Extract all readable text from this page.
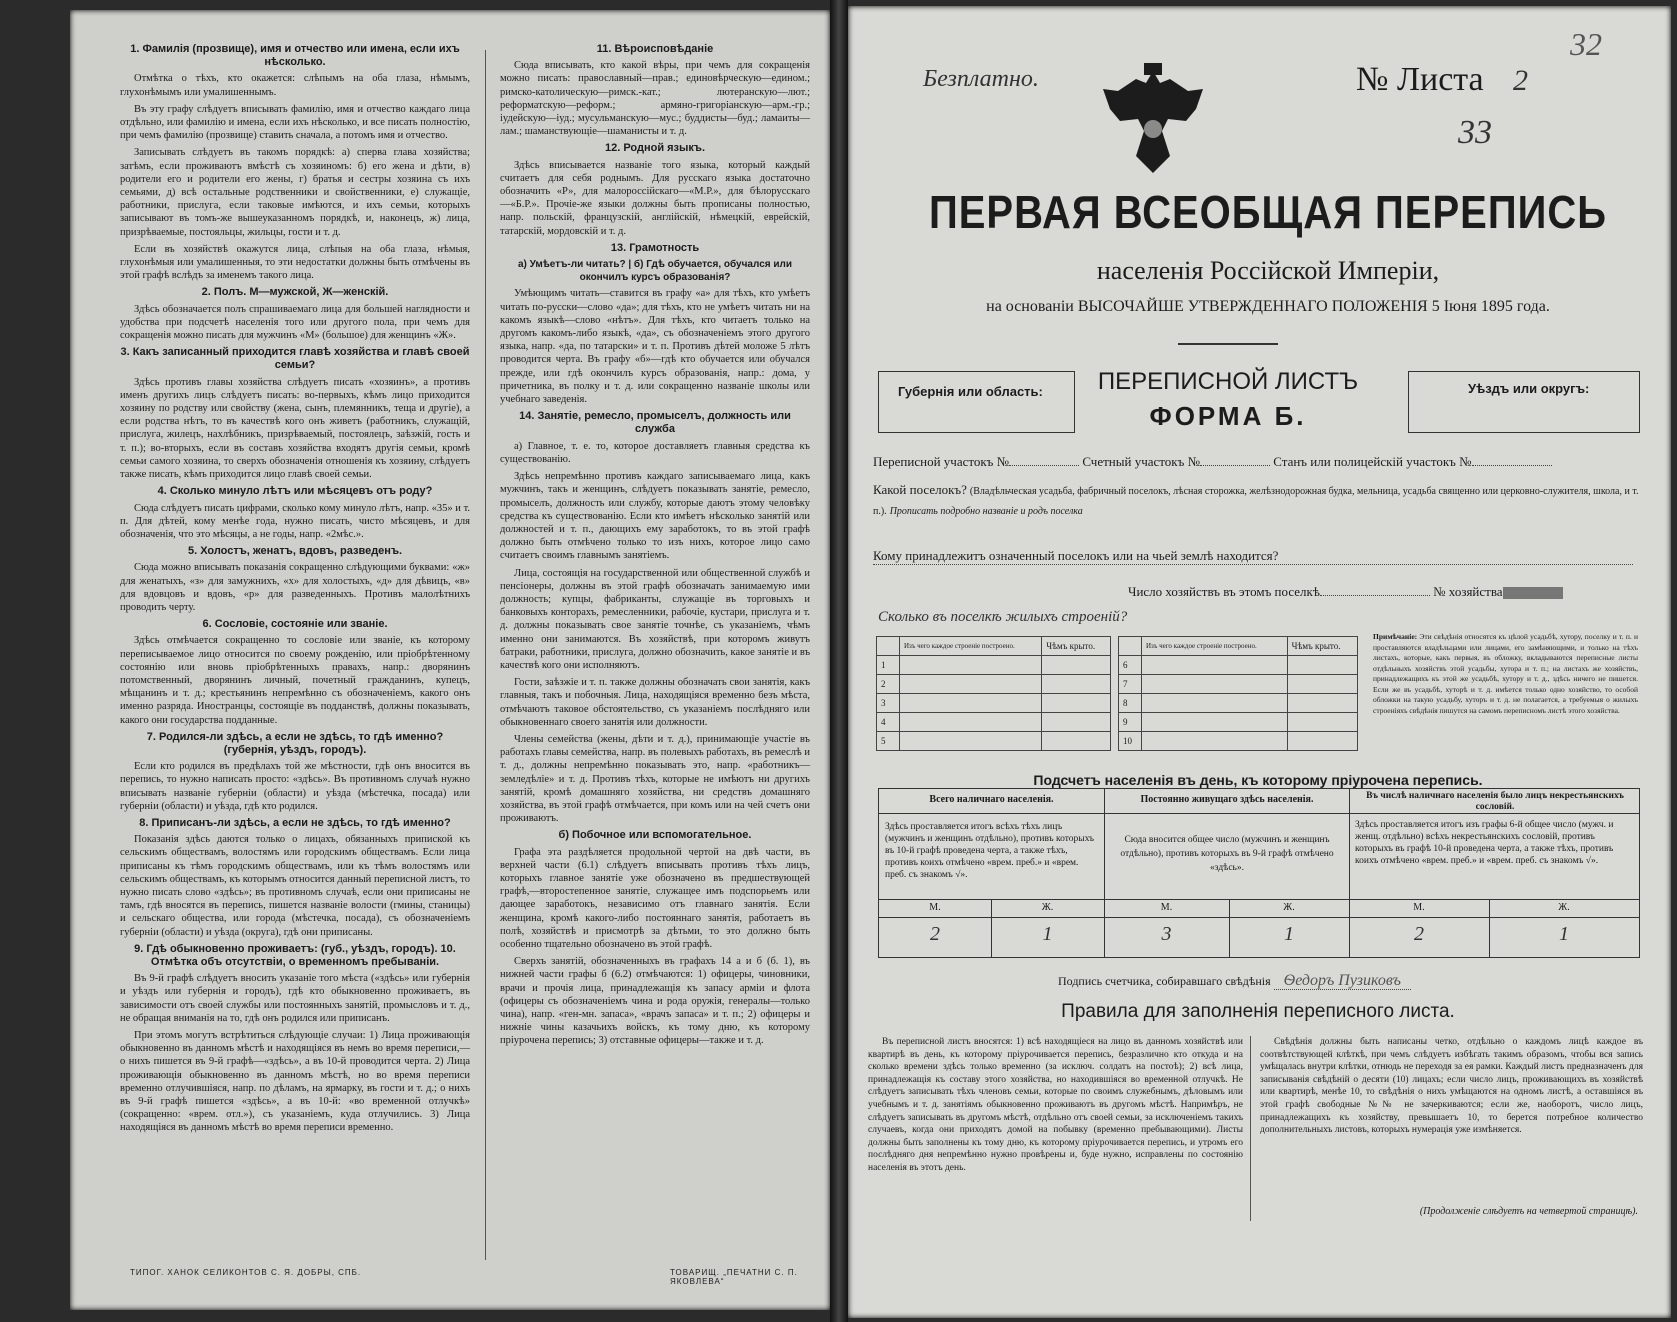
1. Фамилія (прозвище), имя и отчество или имена, если ихъ нѣсколько.

Отмѣтка о тѣхъ, кто окажется: слѣпымъ на оба глаза, нѣмымъ, глухонѣмымъ или умалишеннымъ.

Въ эту графу слѣдуетъ вписывать фамилію, имя и отчество каждаго лица отдѣльно, или фамилію и имена, если ихъ нѣсколько, и все писать полностію, при чемъ фамилію (прозвище) ставить сначала, а потомъ имя и отчество.

Записывать слѣдуетъ въ такомъ порядкѣ: а) сперва глава хозяйства; затѣмъ, если проживаютъ вмѣстѣ съ хозяиномъ: б) его жена и дѣти, в) родители его и родители его жены, г) братья и сестры хозяина съ ихъ семьями, д) всѣ остальные родственники и свойственники, е) служащіе, работники, прислуга, если таковые имѣются, и ихъ семьи, которыхъ записывают въ томъ-же вышеуказанномъ порядкѣ, и, наконецъ, ж) лица, призрѣваемые, постояльцы, жильцы, гости и т. д.

Если въ хозяйствѣ окажутся лица, слѣпыя на оба глаза, нѣмыя, глухонѣмыя или умалишенныя, то эти недостатки должны быть отмѣчены въ этой графѣ вслѣдъ за именемъ такого лица.

2. Полъ. М—мужской, Ж—женскій.

Здѣсь обозначается полъ спрашиваемаго лица для большей наглядности и удобства при подсчетѣ населенія того или другого пола, при чемъ для сокращенія можно писать для мужчинъ «М» (большое) для женщинъ «Ж».

3. Какъ записанный приходится главѣ хозяйства и главѣ своей семьи?

Здѣсь противъ главы хозяйства слѣдуетъ писать «хозяинъ», а противъ именъ другихъ лицъ слѣдуетъ писать: во-первыхъ, кѣмъ лицо приходится хозяину по родству или свойству (жена, сынъ, племянникъ, теща и другіе), а если родства нѣтъ, то въ качествѣ кого онъ живетъ (работникъ, служащій, прислуга, жилецъ, нахлѣбникъ, призрѣваемый, постоялецъ, заѣзжій, гость и т. п.); во-вторыхъ, если въ составъ хозяйства входятъ другія семьи, кромѣ семьи самого хозяина, то сверхъ обозначенія отношенія къ хозяину, слѣдуетъ также писать, кѣмъ приходится лицо главѣ своей семьи.

4. Сколько минуло лѣтъ или мѣсяцевъ отъ роду?

Сюда слѣдуетъ писать цифрами, сколько кому минуло лѣтъ, напр. «35» и т. п. Для дѣтей, кому менѣе года, нужно писать, чисто мѣсяцевъ, и для обозначенія, что это мѣсяцы, а не годы, напр. «2мѣс.».

5. Холостъ, женатъ, вдовъ, разведенъ.

Сюда можно вписывать показанія сокращенно слѣдующими буквами: «ж» для женатыхъ, «з» для замужнихъ, «х» для холостыхъ, «д» для дѣвицъ, «в» для вдовцовъ и вдовъ, «р» для разведенныхъ. Противъ малолѣтнихъ проводить черту.

6. Сословіе, состояніе или званіе.

Здѣсь отмѣчается сокращенно то сословіе или званіе, къ которому переписываемое лицо относится по своему рожденію, или пріобрѣтенному состоянію или вновь пріобрѣтенныхъ правахъ, напр.: дворянинъ потомственный, дворянинъ личный, почетный гражданинъ, купецъ, мѣщанинъ и т. д.; крестьянинъ непремѣнно съ обозначеніемъ, какого онъ именно разряда. Иностранцы, состоящіе въ подданствѣ, должны показывать, какого они государства подданные.

7. Родился-ли здѣсь, а если не здѣсь, то гдѣ именно? (губернія, уѣздъ, городъ).

Если кто родился въ предѣлахъ той же мѣстности, гдѣ онъ вносится въ перепись, то нужно написать просто: «здѣсь». Въ противномъ случаѣ нужно вписывать названіе губерніи (области) и уѣзда (мѣстечка, посада) или губерніи (области) и уѣзда, гдѣ кто родился.

8. Приписанъ-ли здѣсь, а если не здѣсь, то гдѣ именно?

Показанія здѣсь даются только о лицахъ, обязанныхъ припиской къ сельскимъ обществамъ, волостямъ или городскимъ обществамъ. Если лица приписаны къ тѣмъ городскимъ обществамъ, или къ тѣмъ волостямъ или сельскимъ обществамъ, къ которымъ относится данный переписной листъ, то нужно писать слово «здѣсь»; въ противномъ случаѣ, если они приписаны не тамъ, гдѣ вносятся въ перепись, пишется названіе волости (гмины, станицы) и сельскаго общества, или города (мѣстечка, посада), съ обозначеніемъ губерніи (области) и уѣзда (округа), гдѣ они приписаны.

9. Гдѣ обыкновенно проживаетъ: (губ., уѣздъ, городъ). 10. Отмѣтка объ отсутствіи, о временномъ пребываніи.

Въ 9-й графѣ слѣдуетъ вносить указаніе того мѣста («здѣсь» или губернія и уѣздъ или губернія и городъ), гдѣ кто обыкновенно проживаетъ, въ зависимости отъ своей службы или постоянныхъ занятій, промысловъ и т. д., не обращая вниманія на то, гдѣ онъ родился или приписанъ.

При этомъ могутъ встрѣтиться слѣдующіе случаи: 1) Лица проживающія обыкновенно въ данномъ мѣстѣ и находящіяся въ немъ во время переписи,—о нихъ пишется въ 9-й графѣ—«здѣсь», а въ 10-й проводится черта. 2) Лица проживающія обыкновенно въ данномъ мѣстѣ, но во время переписи временно отлучившіяся, напр. по дѣламъ, на ярмарку, въ гости и т. д.; о нихъ въ 9-й графѣ пишется «здѣсь», а въ 10-й: «во временной отлучкѣ» (сокращенно: «врем. отл.»), съ указаніемъ, куда отлучились. 3) Лица находящіяся въ данномъ мѣстѣ во время переписи временно.

11. Вѣроисповѣданіе

Сюда вписывать, кто какой вѣры, при чемъ для сокращенія можно писать: православный—прав.; единовѣрческую—едином.; римско-католическую—римск.-кат.; лютеранскую—лют.; реформатскую—реформ.; армяно-григоріанскую—арм.-гр.; іудейскую—іуд.; мусульманскую—мус.; буддисты—буд.; ламаиты—лам.; шаманствующіе—шаманисты и т. д.

12. Родной языкъ.

Здѣсь вписывается названіе того языка, который каждый считаетъ для себя роднымъ. Для русскаго языка достаточно обозначить «Р», для малороссійскаго—«М.Р.», для бѣлорусскаго—«Б.Р.». Прочіе-же языки должны быть прописаны полностью, напр. польскій, французскій, англійскій, нѣмецкій, еврейскій, татарскій, мордовскій и т. д.

13. Грамотность
а) Умѣетъ-ли читать? | б) Гдѣ обучается, обучался или окончилъ курсъ образованія?

Умѣющимъ читать—ставится въ графу «а» для тѣхъ, кто умѣетъ читать по-русски—слово «да»; для тѣхъ, кто не умѣетъ читать ни на какомъ языкѣ—слово «нѣтъ». Для тѣхъ, кто читаетъ только на другомъ какомъ-либо языкѣ, «да», съ обозначеніемъ этого другого языка, напр. «да, по татарски» и т. п. Противъ дѣтей моложе 5 лѣтъ проводится черта. Въ графу «б»—гдѣ кто обучается или обучался прежде, или гдѣ окончилъ курсъ образованія, напр.: дома, у причетника, въ полку и т. д. или сокращенно названіе школы или учебнаго заведенія.

14. Занятіе, ремесло, промыселъ, должность или служба

а) Главное, т. е. то, которое доставляетъ главныя средства къ существованію.

Здѣсь непремѣнно противъ каждаго записываемаго лица, какъ мужчинъ, такъ и женщинъ, слѣдуетъ показывать занятіе, ремесло, промыселъ, должность или службу, которые даютъ этому человѣку средства къ существованію. Если кто имѣетъ нѣсколько занятій или должностей и т. п., дающихъ ему заработокъ, то въ этой графѣ должно быть отмѣчено только то изъ нихъ, которое лицо само считаетъ своимъ главнымъ занятіемъ.

Лица, состоящія на государственной или общественной службѣ и пенсіонеры, должны въ этой графѣ обозначать занимаемую ими должность; купцы, фабриканты, служащіе въ торговыхъ и банковыхъ конторахъ, ремесленники, рабочіе, кустари, прислуга и т. д. должны показывать свое занятіе точнѣе, съ указаніемъ, чѣмъ именно они занимаются. Въ хозяйствѣ, при которомъ живутъ батраки, работники, прислуга, должно обозначить, какое занятіе и въ качествѣ кого они исполняютъ.

Гости, заѣзжіе и т. п. также должны обозначать свои занятія, какъ главныя, такъ и побочныя. Лица, находящіяся временно безъ мѣста, отмѣчаютъ таковое обстоятельство, съ указаніемъ послѣдняго или обыкновеннаго своего занятія или должности.

Члены семейства (жены, дѣти и т. д.), принимающіе участіе въ работахъ главы семейства, напр. въ полевыхъ работахъ, въ ремеслѣ и т. д., должны непремѣнно показывать это, напр. «работникъ—земледѣліе» и т. д. Противъ тѣхъ, которые не имѣютъ ни другихъ занятій, кромѣ домашняго хозяйства, ни средствъ домашняго хозяйства, въ этой графѣ отмѣчается, при комъ или на чей счетъ они проживаютъ.

б) Побочное или вспомогательное.

Графа эта раздѣляется продольной чертой на двѣ части, въ верхней части (6.1) слѣдуетъ вписывать противъ тѣхъ лицъ, которыхъ главное занятіе уже обозначено въ предшествующей графѣ,—второстепенное занятіе, служащее имъ подспорьемъ или дающее заработокъ, независимо отъ главнаго занятія. Если женщина, кромѣ какого-либо постояннаго занятія, работаетъ въ полѣ, хозяйствѣ и присмотрѣ за дѣтьми, то это должно быть особенно тщательно обозначено въ этой графѣ.

Сверхъ занятій, обозначенныхъ въ графахъ 14 а и б (б. 1), въ нижней части графы б (6.2) отмѣчаются: 1) офицеры, чиновники, врачи и прочія лица, принадлежащія къ запасу арміи и флота (офицеры съ обозначеніемъ чина и рода оружія, генералы—только чина), напр. «ген-мн. запаса», «врачъ запаса» и т. п.; 2) офицеры и нижніе чины казачьихъ войскъ, къ тому дню, къ которому пріурочена перепись; 3) отставные офицеры—также и т. д.

ТИПОГ. ХАНОК СЕЛИКОНТОВ С. Я. ДОБРЫ, СПБ.	ТОВАРИЩ. „ПЕЧАТНИ С. П. ЯКОВЛЕВА“
Безплатно.	№ Листа 2
32
33
ПЕРВАЯ ВСЕОБЩАЯ ПЕРЕПИСЬ
населенія Россійской Имперіи,
на основаніи ВЫСОЧАЙШЕ УТВЕРЖДЕННАГО ПОЛОЖЕНІЯ 5 Іюня 1895 года.
Губернія или область:	ПЕРЕПИСНОЙ ЛИСТЪ
ФОРМА Б.
Уѣздъ или округъ:
Переписной участокъ №	Счетный участокъ №	Станъ или полицейскій участокъ №
Какой поселокъ? (Владѣльческая усадьба, фабричный поселокъ, лѣсная сторожка, желѣзнодорожная будка, мельница, усадьба священно или церковно-служителя, школа, и т. п.). Прописать подробно названіе и родъ поселка
Кому принадлежитъ означенный поселокъ или на чьей землѣ находится?
Число хозяйствъ въ этомъ поселкѣ	№ хозяйства
Сколько въ поселкѣ жилыхъ строеній?
	Изъ чего каждое строеніе построено.	Чѣмъ крыто.
1		
2		
3		
4		
5		
	Изъ чего каждое строеніе построено.	Чѣмъ крыто.
6		
7		
8		
9		
10		
Примѣчаніе: Эти свѣдѣнія относятся къ цѣлой усадьбѣ, хутору, поселку и т. п. и проставляются владѣльцами или лицами, его замѣняющими, и только на тѣхъ листахъ, которые, какъ первыя, въ обложку, вкладываются переписные листы отдѣльныхъ хозяйствъ этой усадьбы, хутора и т. п.; на листахъ же хозяйствъ, принадлежащихъ къ этой же усадьбѣ, хутору и т. д., здѣсь ничего не пишется. Если же въ усадьбѣ, хуторѣ и т. д. имѣется только одно хозяйство, то особой обложки на такую усадьбу, хуторъ и т. д. не полагается, а требуемыя о жилыхъ строеніяхъ свѣдѣнія пишутся на самомъ переписномъ листѣ этого хозяйства.
Подсчетъ населенія въ день, къ которому пріурочена перепись.
Всего наличнаго населенія.	Постоянно живущаго здѣсь населенія.	Въ числѣ наличнаго населенія было лицъ некрестьянскихъ сословій.
Здѣсь проставляется итогъ всѣхъ тѣхъ лицъ (мужчинъ и женщинъ отдѣльно), противъ которыхъ въ 10-й графѣ проведена черта, а также тѣхъ, противъ коихъ отмѣчено «врем. преб.» и «врем. преб. съ знакомъ √».
Сюда вносится общее число (мужчинъ и женщинъ отдѣльно), противъ которыхъ въ 9-й графѣ отмѣчено «здѣсь».
Здѣсь проставляется итогъ изъ графы 6-й общее число (мужч. и женщ. отдѣльно) всѣхъ некрестьянскихъ сословій, противъ которыхъ въ графѣ 10-й проведена черта, а также тѣхъ, противъ коихъ отмѣчено «врем. преб.» и «врем. преб. съ знакомъ √».
М.	Ж.	М.	Ж.	М.	Ж.
2	1	3	1	2	1
Подпись счетчика, собиравшаго свѣдѣнія Ѳедоръ Пузиковъ
Правила для заполненія переписного листа.
Въ переписной листъ вносятся: 1) всѣ находящіеся на лицо въ данномъ хозяйствѣ или квартирѣ въ день, къ которому пріурочивается перепись, безразлично кто откуда и на сколько времени здѣсь только временно (за исключ. солдатъ на постоѣ); 2) всѣ лица, принадлежащія къ составу этого хозяйства, но находившіяся во временной отлучкѣ. Не слѣдуетъ записывать тѣхъ членовъ семьи, которые по своимъ служебнымъ, дѣловымъ или учебнымъ и т. д. занятіямъ обыкновенно проживаютъ въ другомъ мѣстѣ. Напримѣръ, не слѣдуетъ записывать въ другомъ мѣстѣ, отдѣльно отъ своей семьи, за исключеніемъ такихъ случаевъ, когда они приходятъ домой на побывку (временно пребывающими). Листы должны быть заполнены къ тому дню, къ которому пріурочивается перепись, и утромъ его послѣдняго дня непремѣнно нужно провѣрены и, буде нужно, исправлены по состоянію населенія въ этотъ день.
Свѣдѣнія должны быть написаны четко, отдѣльно о каждомъ лицѣ каждое въ соотвѣтствующей клѣткѣ, при чемъ слѣдуетъ избѣгать такимъ образомъ, чтобы вся запись умѣщалась внутри клѣтки, отнюдь не переходя за ея рамки. Каждый листъ предназначенъ для записыванія свѣдѣній о десяти (10) лицахъ; если число лицъ, проживающихъ въ хозяйствѣ или квартирѣ, менѣе 10, то свѣдѣнія о нихъ умѣщаются на одномъ листѣ, а оставшіяся въ этой графѣ свободные №№ не зачеркиваются; если же, наоборотъ, число лицъ, принадлежащихъ къ хозяйству, превышаетъ 10, то берется потребное количество дополнительныхъ листовъ, которыхъ нумерація уже измѣняется.
(Продолженіе слѣдуетъ на четвертой страницѣ).
